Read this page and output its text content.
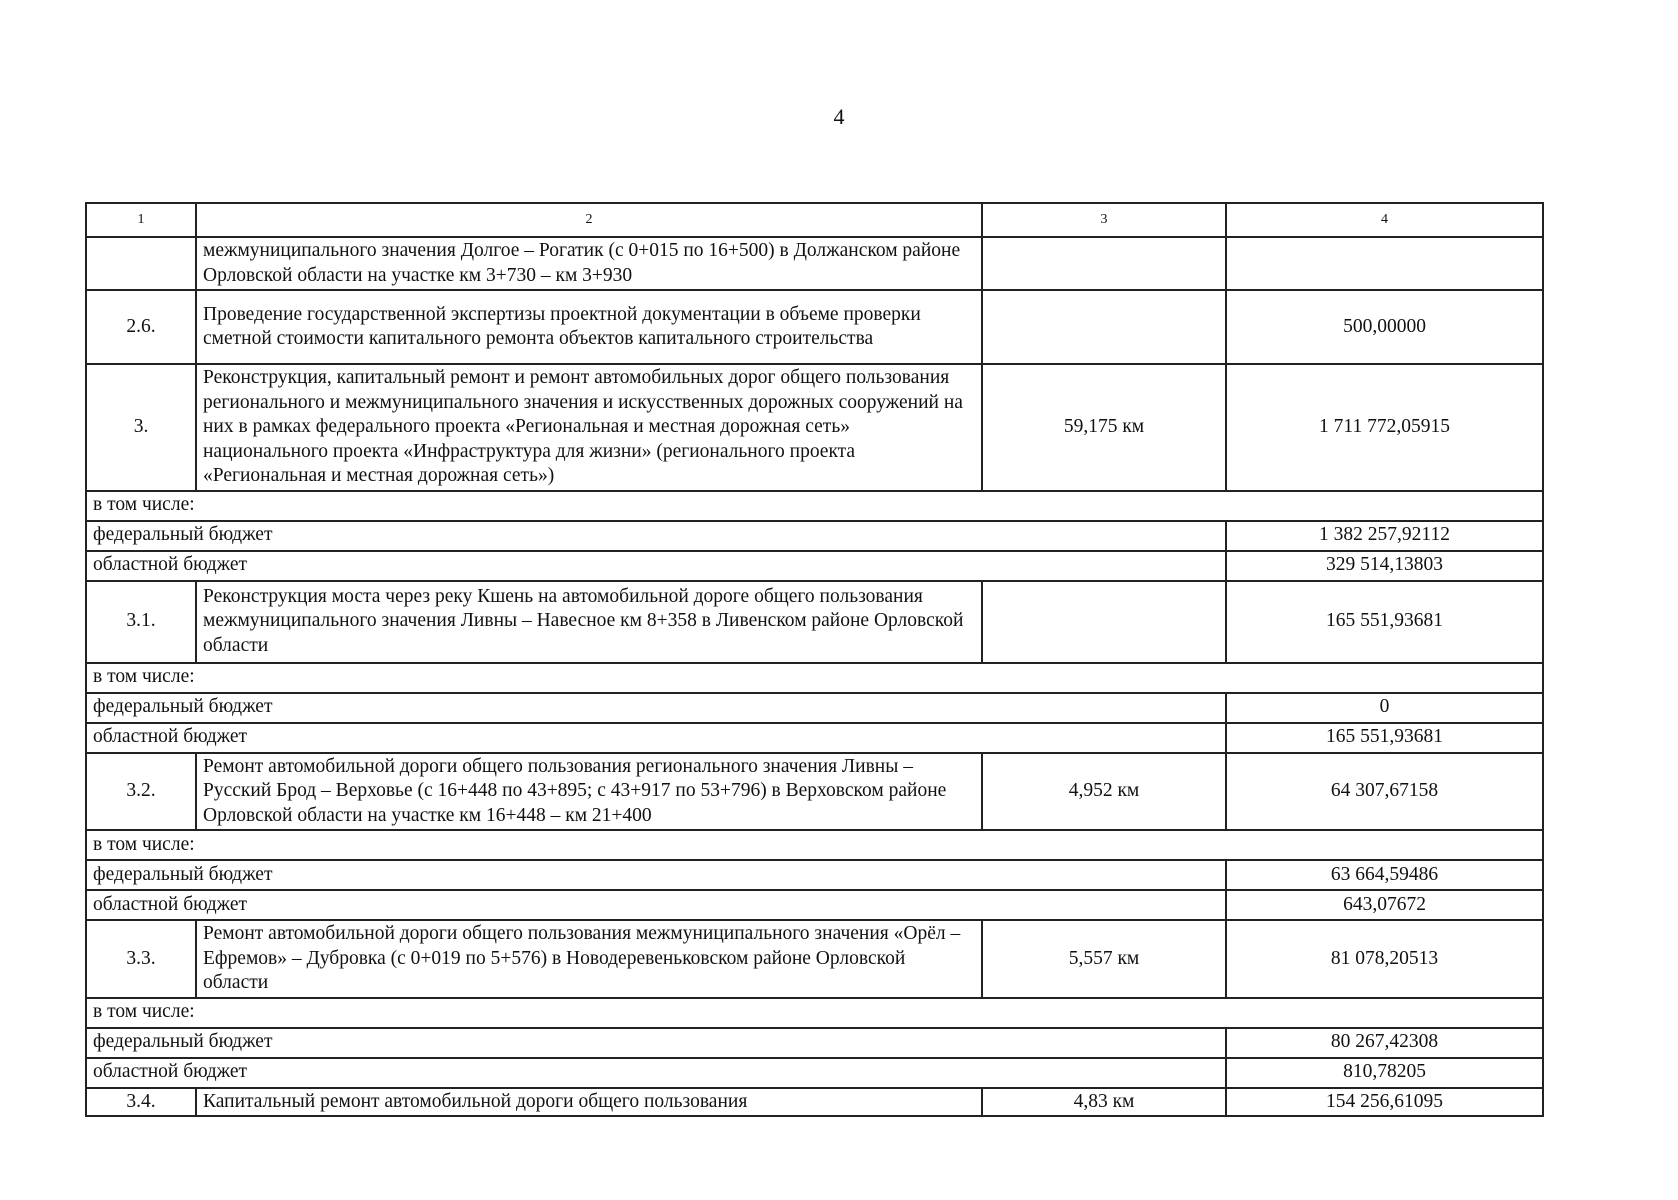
4
1	2	3	4
	межмуниципального значения Долгое – Рогатик (с 0+015 по 16+500) в Должанском районе Орловской области на участке км 3+730 – км 3+930		
2.6.	Проведение государственной экспертизы проектной документации в объеме проверки сметной стоимости капитального ремонта объектов капитального строительства		500,00000
3.	Реконструкция, капитальный ремонт и ремонт автомобильных дорог общего пользования регионального и межмуниципального значения и искусственных дорожных сооружений на них в рамках федерального проекта «Региональная и местная дорожная сеть» национального проекта «Инфраструктура для жизни» (регионального проекта «Региональная и местная дорожная сеть»)	59,175 км	1 711 772,05915
в том числе:			
федеральный бюджет			1 382 257,92112
областной бюджет			329 514,13803
3.1.	Реконструкция моста через реку Кшень на автомобильной дороге общего пользования межмуниципального значения Ливны – Навесное км 8+358 в Ливенском районе Орловской области		165 551,93681
в том числе:			
федеральный бюджет			0
областной бюджет			165 551,93681
3.2.	Ремонт автомобильной дороги общего пользования регионального значения Ливны – Русский Брод – Верховье (с 16+448 по 43+895; с 43+917 по 53+796) в Верховском районе Орловской области на участке км 16+448 – км 21+400	4,952 км	64 307,67158
в том числе:			
федеральный бюджет			63 664,59486
областной бюджет			643,07672
3.3.	Ремонт автомобильной дороги общего пользования межмуниципального значения «Орёл – Ефремов» – Дубровка (с 0+019 по 5+576) в Новодеревеньковском районе Орловской области	5,557 км	81 078,20513
в том числе:			
федеральный бюджет			80 267,42308
областной бюджет			810,78205
3.4.	Капитальный ремонт автомобильной дороги общего пользования	4,83 км	154 256,61095
